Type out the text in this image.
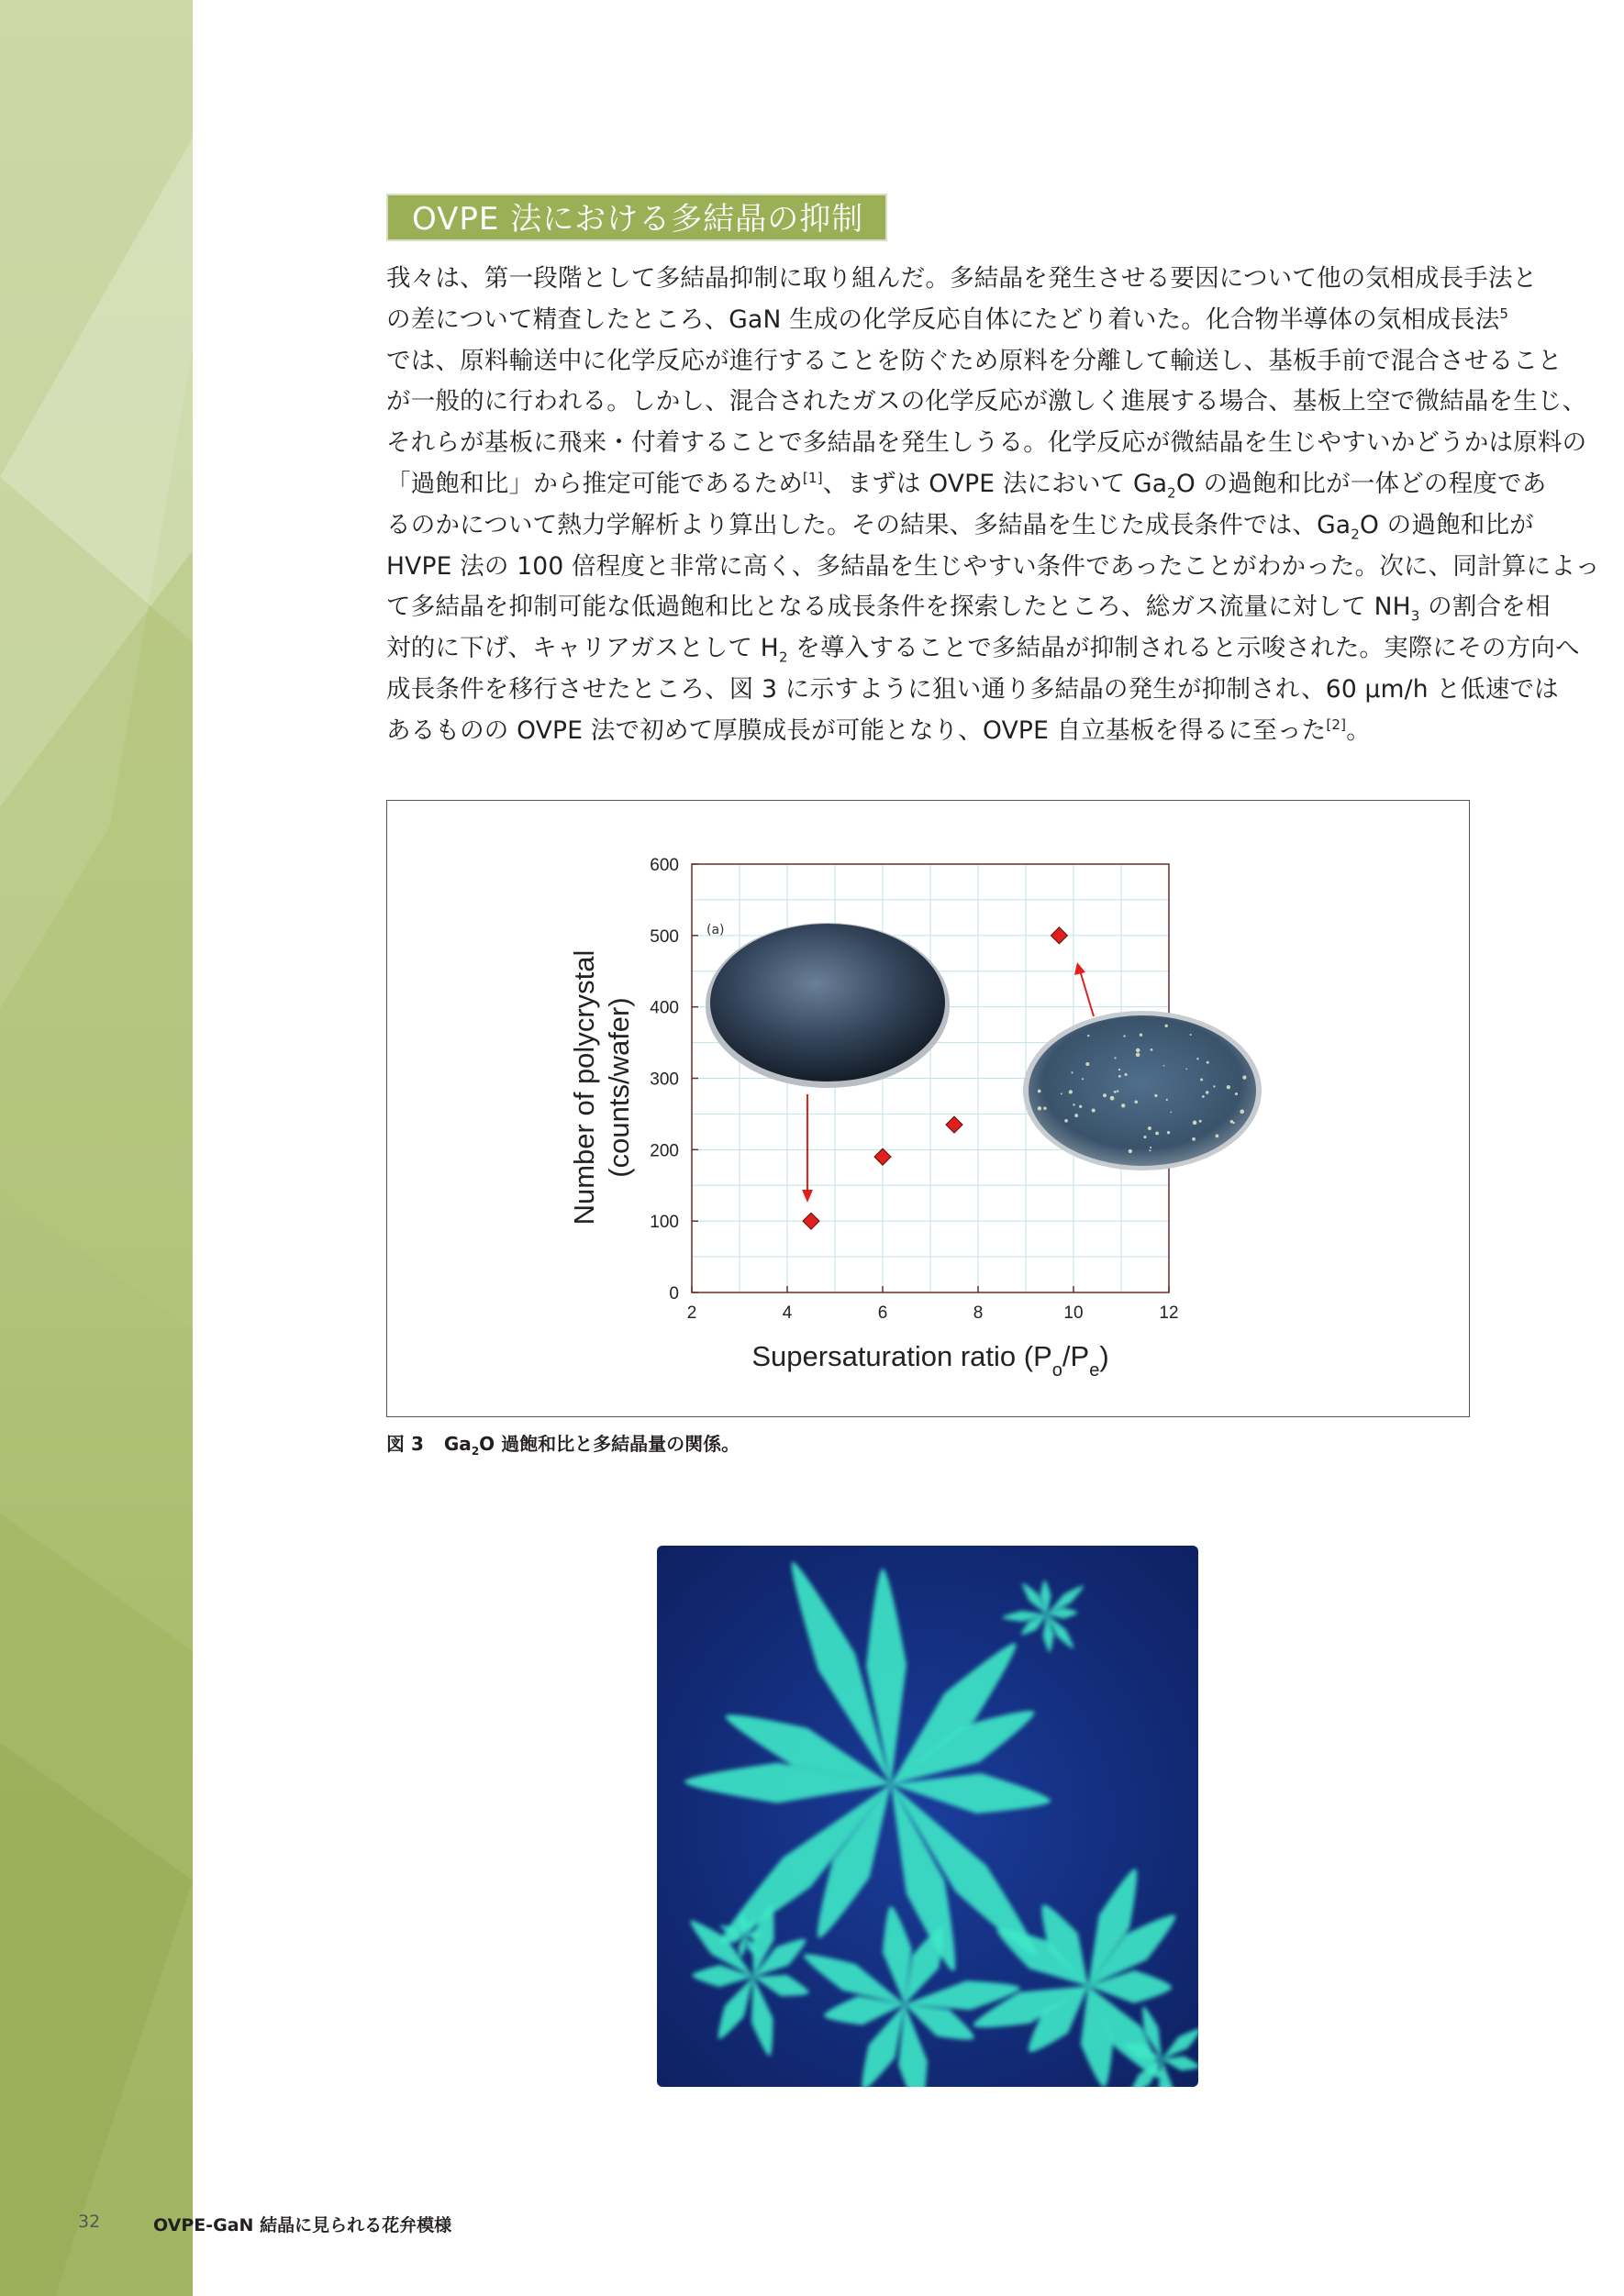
OVPE 法における多結晶の抑制

我々は、第一段階として多結晶抑制に取り組んだ。多結晶を発生させる要因について他の気相成長手法と
の差について精査したところ、GaN 生成の化学反応自体にたどり着いた。化合物半導体の気相成長法$^5$
では、原料輸送中に化学反応が進行することを防ぐため原料を分離して輸送し、基板手前で混合させること
が一般的に行われる。しかし、混合されたガスの化学反応が激しく進展する場合、基板上空で微結晶を生じ、
それらが基板に飛来・付着することで多結晶を発生しうる。化学反応が微結晶を生じやすいかどうかは原料の
「過飽和比」から推定可能であるため[1]、まずは OVPE 法において $Ga_2O$ の過飽和比が一体どの程度であ
るのかについて熱力学解析より算出した。その結果、多結晶を生じた成長条件では、$Ga_2O$ の過飽和比が
HVPE 法の 100 倍程度と非常に高く、多結晶を生じやすい条件であったことがわかった。次に、同計算によっ
て多結晶を抑制可能な低過飽和比となる成長条件を探索したところ、総ガス流量に対して $NH_3$ の割合を相
対的に下げ、キャリアガスとして $H_2$ を導入することで多結晶が抑制されると示唆された。実際にその方向へ
成長条件を移行させたところ、図 3 に示すように狙い通り多結晶の発生が抑制され、60 μm/h と低速では
あるものの OVPE 法で初めて厚膜成長が可能となり、OVPE 自立基板を得るに至った[2]。

2	4	6	8	10	12
0
100
200
300
400
500
600
Supersaturation ratio $(P_o/P_e)$
Number of polycrystal (counts/wafer)
(a)
図 3 $Ga_2O$ 過飽和比と多結晶量の関係。
32	OVPE-GaN 結晶に見られる花弁模様
